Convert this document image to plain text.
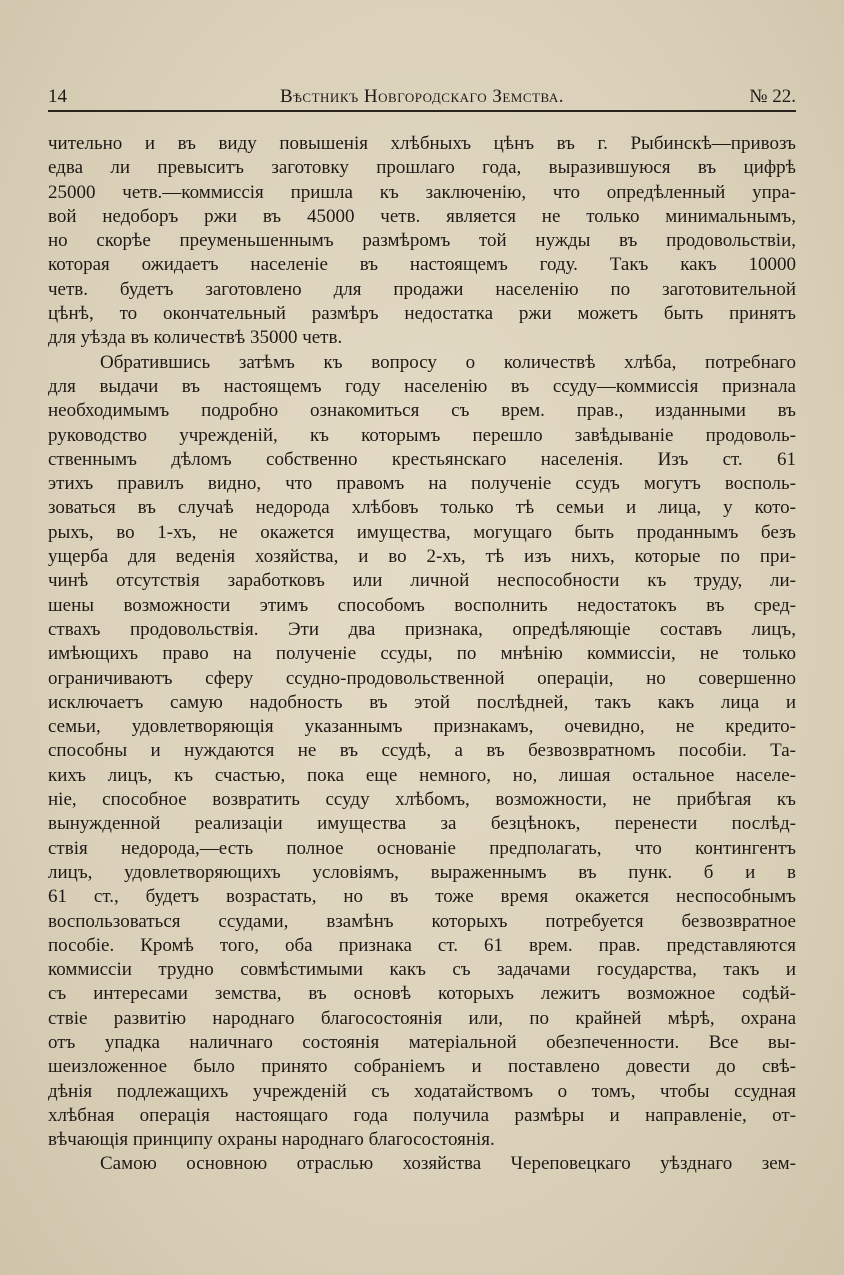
14	Вѣстникъ Новгородскаго Земства.	№ 22.
чительно и въ виду повышенія хлѣбныхъ цѣнъ въ г. Рыбинскѣ—привозъ
едва ли превыситъ заготовку прошлаго года, выразившуюся въ цифрѣ
25000 четв.—коммиссія пришла къ заключенію, что опредѣленный упра-
вой недоборъ ржи въ 45000 четв. является не только минимальнымъ,
но скорѣе преуменьшеннымъ размѣромъ той нужды въ продовольствіи,
которая ожидаетъ населеніе въ настоящемъ году. Такъ какъ 10000
четв. будетъ заготовлено для продажи населенію по заготовительной
цѣнѣ, то окончательный размѣръ недостатка ржи можетъ быть принятъ
для уѣзда въ количествѣ 35000 четв.
Обратившись затѣмъ къ вопросу о количествѣ хлѣба, потребнаго
для выдачи въ настоящемъ году населенію въ ссуду—коммиссія признала
необходимымъ подробно ознакомиться съ врем. прав., изданными въ
руководство учрежденій, къ которымъ перешло завѣдываніе продоволь-
ственнымъ дѣломъ собственно крестьянскаго населенія. Изъ ст. 61
этихъ правилъ видно, что правомъ на полученіе ссудъ могутъ восполь-
зоваться въ случаѣ недорода хлѣбовъ только тѣ семьи и лица, у кото-
рыхъ, во 1-хъ, не окажется имущества, могущаго быть проданнымъ безъ
ущерба для веденія хозяйства, и во 2-хъ, тѣ изъ нихъ, которые по при-
чинѣ отсутствія заработковъ или личной неспособности къ труду, ли-
шены возможности этимъ способомъ восполнить недостатокъ въ сред-
ствахъ продовольствія. Эти два признака, опредѣляющіе составъ лицъ,
имѣющихъ право на полученіе ссуды, по мнѣнію коммиссіи, не только
ограничиваютъ сферу ссудно-продовольственной операціи, но совершенно
исключаетъ самую надобность въ этой послѣдней, такъ какъ лица и
семьи, удовлетворяющія указаннымъ признакамъ, очевидно, не кредито-
способны и нуждаются не въ ссудѣ, а въ безвозвратномъ пособіи. Та-
кихъ лицъ, къ счастью, пока еще немного, но, лишая остальное населе-
ніе, способное возвратить ссуду хлѣбомъ, возможности, не прибѣгая къ
вынужденной реализаціи имущества за безцѣнокъ, перенести послѣд-
ствія недорода,—есть полное основаніе предполагать, что контингентъ
лицъ, удовлетворяющихъ условіямъ, выраженнымъ въ пунк. б и в
61 ст., будетъ возрастать, но въ тоже время окажется неспособнымъ
воспользоваться ссудами, взамѣнъ которыхъ потребуется безвозвратное
пособіе. Кромѣ того, оба признака ст. 61 врем. прав. представляются
коммиссіи трудно совмѣстимыми какъ съ задачами государства, такъ и
съ интересами земства, въ основѣ которыхъ лежитъ возможное содѣй-
ствіе развитію народнаго благосостоянія или, по крайней мѣрѣ, охрана
отъ упадка наличнаго состоянія матеріальной обезпеченности. Все вы-
шеизложенное было принято собраніемъ и поставлено довести до свѣ-
дѣнія подлежащихъ учрежденій съ ходатайствомъ о томъ, чтобы ссудная
хлѣбная операція настоящаго года получила размѣры и направленіе, от-
вѣчающія принципу охраны народнаго благосостоянія.
Самою основною отраслью хозяйства Череповецкаго уѣзднаго зем-
